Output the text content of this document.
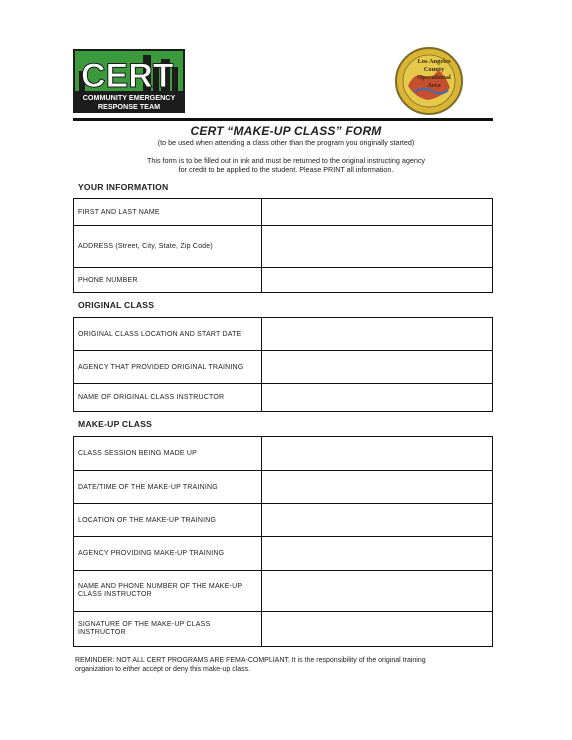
CERT
COMMUNITY EMERGENCY
RESPONSE TEAM
Los Angeles
County
Operational
Area
CERT “MAKE-UP CLASS” FORM
(to be used when attending a class other than the program you originally started)
This form is to be filled out in ink and must be returned to the original instructing agency
for credit to be applied to the student. Please PRINT all information.
YOUR INFORMATION
FIRST AND LAST NAME
ADDRESS (Street, City, State, Zip Code)
PHONE NUMBER
ORIGINAL CLASS
ORIGINAL CLASS LOCATION AND START DATE
AGENCY THAT PROVIDED ORIGINAL TRAINING
NAME OF ORIGINAL CLASS INSTRUCTOR
MAKE-UP CLASS
CLASS SESSION BEING MADE UP
DATE/TIME OF THE MAKE-UP TRAINING
LOCATION OF THE MAKE-UP TRAINING
AGENCY PROVIDING MAKE-UP TRAINING
NAME AND PHONE NUMBER OF THE MAKE-UP CLASS INSTRUCTOR
SIGNATURE OF THE MAKE-UP CLASS INSTRUCTOR
REMINDER: NOT ALL CERT PROGRAMS ARE FEMA-COMPLIANT. It is the responsibility of the original training
organization to either accept or deny this make-up class.
